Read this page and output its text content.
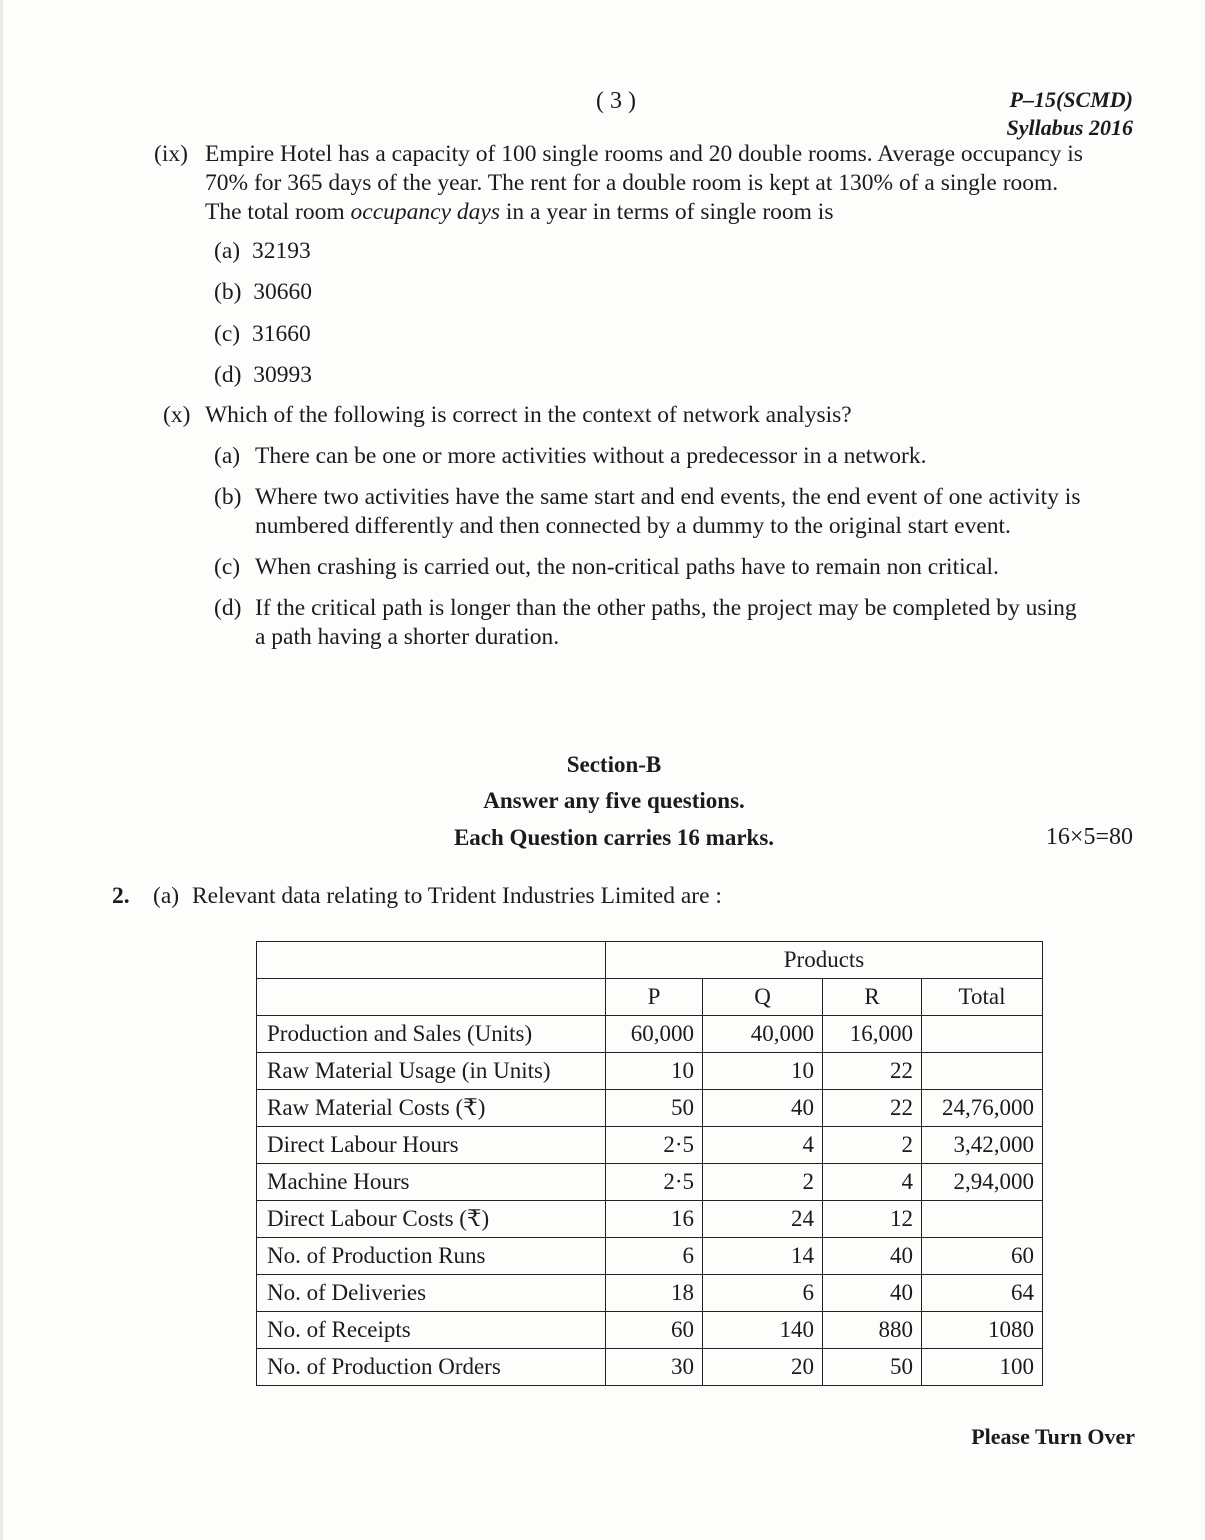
( 3 )	P–15(SCMD)
Syllabus 2016
(ix) Empire Hotel has a capacity of 100 single rooms and 20 double rooms. Average occupancy is
70% for 365 days of the year. The rent for a double room is kept at 130% of a single room.
The total room occupancy days in a year in terms of single room is
(a) 32193
(b) 30660
(c) 31660
(d) 30993
(x) Which of the following is correct in the context of network analysis?
(a) There can be one or more activities without a predecessor in a network.
(b) Where two activities have the same start and end events, the end event of one activity is
numbered differently and then connected by a dummy to the original start event.
(c) When crashing is carried out, the non-critical paths have to remain non critical.
(d) If the critical path is longer than the other paths, the project may be completed by using
a path having a shorter duration.
Section-B
Answer any five questions.
Each Question carries 16 marks.	16×5=80
2. (a) Relevant data relating to Trident Industries Limited are :
	Products			
	P	Q	R	Total
Production and Sales (Units)	60,000	40,000	16,000	
Raw Material Usage (in Units)	10	10	22	
Raw Material Costs (₹)	50	40	22	24,76,000
Direct Labour Hours	2·5	4	2	3,42,000
Machine Hours	2·5	2	4	2,94,000
Direct Labour Costs (₹)	16	24	12	
No. of Production Runs	6	14	40	60
No. of Deliveries	18	6	40	64
No. of Receipts	60	140	880	1080
No. of Production Orders	30	20	50	100
Please Turn Over
